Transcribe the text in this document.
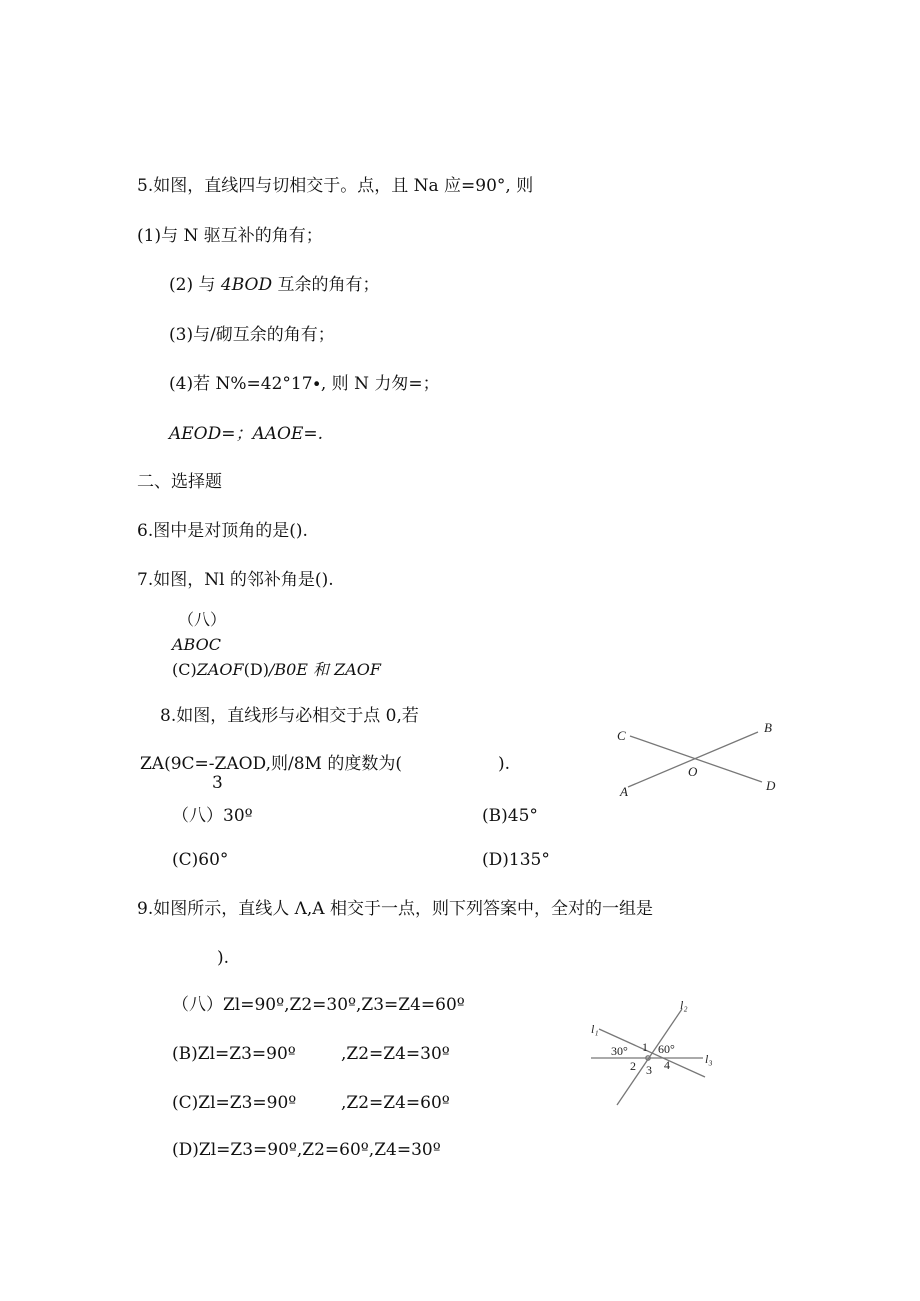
5.如图，直线四与切相交于。点，且 Na 应=90°, 则
(1)与 N 驱互补的角有；
(2) 与 4BOD 互余的角有；
(3)与/砌互余的角有；
(4)若 N%=42°17∙, 则 N 力匆=；
AEOD=；AAOE=.
二、选择题
6.图中是对顶角的是().
7.如图，Nl 的邻补角是().
（八）
ABOC
(C)ZAOF(D)/B0E 和 ZAOF
8.如图，直线形与必相交于点 0,若
ZA(9C=-ZAOD,则/8M 的度数为(	).
3
（八）30º	(B)45°
(C)60°	(D)135°
C
B
O
A	D
9.如图所示，直线人 Λ,A 相交于一点，则下列答案中，全对的一组是
).
（八）Zl=90º,Z2=30º,Z3=Z4=60º
(B)Zl=Z3=90º	,Z2=Z4=30º
(C)Zl=Z3=90º	,Z2=Z4=60º
(D)Zl=Z3=90º,Z2=60º,Z4=30º
l₁
l₂
l₃
30°	60°
1
2 3 4
